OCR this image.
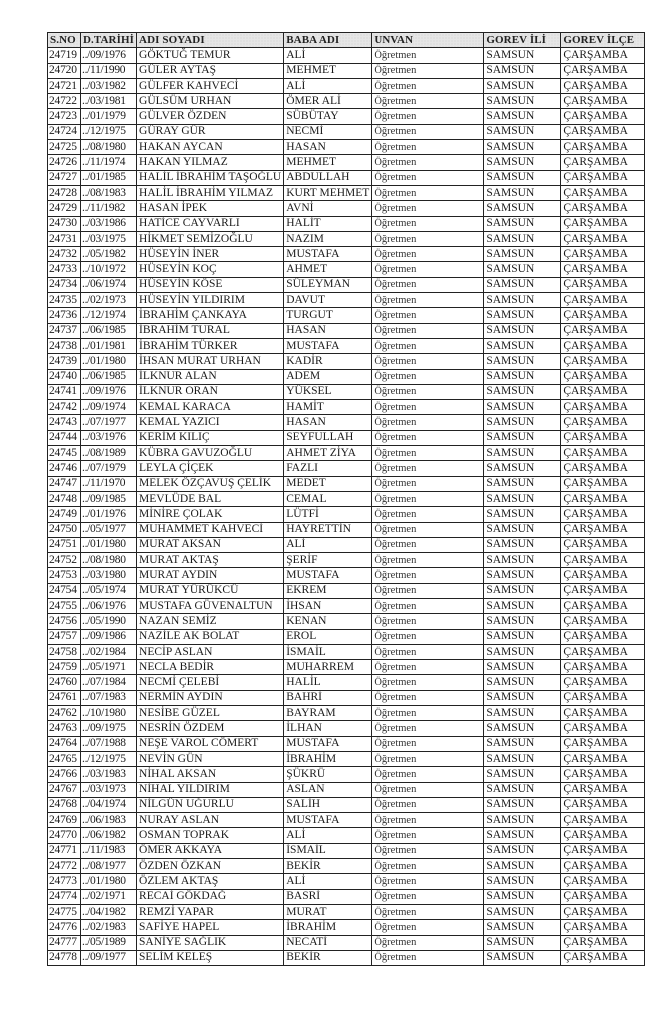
S.NO	D.TARİHİ	ADI SOYADI	BABA ADI	UNVAN	GOREV İLİ	GOREV İLÇE
24719	../09/1976	GÖKTUĞ TEMUR	ALİ	Öğretmen	SAMSUN	ÇARŞAMBA
24720	../11/1990	GÜLER AYTAŞ	MEHMET	Öğretmen	SAMSUN	ÇARŞAMBA
24721	../03/1982	GÜLFER KAHVECİ	ALİ	Öğretmen	SAMSUN	ÇARŞAMBA
24722	../03/1981	GÜLSÜM URHAN	ÖMER ALİ	Öğretmen	SAMSUN	ÇARŞAMBA
24723	../01/1979	GÜLVER ÖZDEN	SÜBÜTAY	Öğretmen	SAMSUN	ÇARŞAMBA
24724	../12/1975	GÜRAY GÜR	NECMİ	Öğretmen	SAMSUN	ÇARŞAMBA
24725	../08/1980	HAKAN AYCAN	HASAN	Öğretmen	SAMSUN	ÇARŞAMBA
24726	../11/1974	HAKAN YILMAZ	MEHMET	Öğretmen	SAMSUN	ÇARŞAMBA
24727	../01/1985	HALİL İBRAHİM TAŞOĞLU	ABDULLAH	Öğretmen	SAMSUN	ÇARŞAMBA
24728	../08/1983	HALİL İBRAHİM YILMAZ	KURT MEHMET	Öğretmen	SAMSUN	ÇARŞAMBA
24729	../11/1982	HASAN İPEK	AVNİ	Öğretmen	SAMSUN	ÇARŞAMBA
24730	../03/1986	HATİCE CAYVARLI	HALİT	Öğretmen	SAMSUN	ÇARŞAMBA
24731	../03/1975	HİKMET SEMİZOĞLU	NAZIM	Öğretmen	SAMSUN	ÇARŞAMBA
24732	../05/1982	HÜSEYİN İNER	MUSTAFA	Öğretmen	SAMSUN	ÇARŞAMBA
24733	../10/1972	HÜSEYİN KOÇ	AHMET	Öğretmen	SAMSUN	ÇARŞAMBA
24734	../06/1974	HÜSEYİN KÖSE	SÜLEYMAN	Öğretmen	SAMSUN	ÇARŞAMBA
24735	../02/1973	HÜSEYİN YILDIRIM	DAVUT	Öğretmen	SAMSUN	ÇARŞAMBA
24736	../12/1974	İBRAHİM ÇANKAYA	TURGUT	Öğretmen	SAMSUN	ÇARŞAMBA
24737	../06/1985	İBRAHİM TURAL	HASAN	Öğretmen	SAMSUN	ÇARŞAMBA
24738	../01/1981	İBRAHİM TÜRKER	MUSTAFA	Öğretmen	SAMSUN	ÇARŞAMBA
24739	../01/1980	İHSAN MURAT URHAN	KADİR	Öğretmen	SAMSUN	ÇARŞAMBA
24740	../06/1985	İLKNUR ALAN	ADEM	Öğretmen	SAMSUN	ÇARŞAMBA
24741	../09/1976	İLKNUR ORAN	YÜKSEL	Öğretmen	SAMSUN	ÇARŞAMBA
24742	../09/1974	KEMAL KARACA	HAMİT	Öğretmen	SAMSUN	ÇARŞAMBA
24743	../07/1977	KEMAL YAZICI	HASAN	Öğretmen	SAMSUN	ÇARŞAMBA
24744	../03/1976	KERİM KILIÇ	SEYFULLAH	Öğretmen	SAMSUN	ÇARŞAMBA
24745	../08/1989	KÜBRA GAVUZOĞLU	AHMET ZİYA	Öğretmen	SAMSUN	ÇARŞAMBA
24746	../07/1979	LEYLA ÇİÇEK	FAZLI	Öğretmen	SAMSUN	ÇARŞAMBA
24747	../11/1970	MELEK ÖZÇAVUŞ ÇELİK	MEDET	Öğretmen	SAMSUN	ÇARŞAMBA
24748	../09/1985	MEVLÜDE BAL	CEMAL	Öğretmen	SAMSUN	ÇARŞAMBA
24749	../01/1976	MİNİRE ÇOLAK	LÜTFİ	Öğretmen	SAMSUN	ÇARŞAMBA
24750	../05/1977	MUHAMMET KAHVECİ	HAYRETTİN	Öğretmen	SAMSUN	ÇARŞAMBA
24751	../01/1980	MURAT AKSAN	ALİ	Öğretmen	SAMSUN	ÇARŞAMBA
24752	../08/1980	MURAT AKTAŞ	ŞERİF	Öğretmen	SAMSUN	ÇARŞAMBA
24753	../03/1980	MURAT AYDIN	MUSTAFA	Öğretmen	SAMSUN	ÇARŞAMBA
24754	../05/1974	MURAT YÜRÜKCÜ	EKREM	Öğretmen	SAMSUN	ÇARŞAMBA
24755	../06/1976	MUSTAFA GÜVENALTUN	İHSAN	Öğretmen	SAMSUN	ÇARŞAMBA
24756	../05/1990	NAZAN SEMİZ	KENAN	Öğretmen	SAMSUN	ÇARŞAMBA
24757	../09/1986	NAZİLE AK BOLAT	EROL	Öğretmen	SAMSUN	ÇARŞAMBA
24758	../02/1984	NECİP ASLAN	İSMAİL	Öğretmen	SAMSUN	ÇARŞAMBA
24759	../05/1971	NECLA BEDİR	MUHARREM	Öğretmen	SAMSUN	ÇARŞAMBA
24760	../07/1984	NECMİ ÇELEBİ	HALİL	Öğretmen	SAMSUN	ÇARŞAMBA
24761	../07/1983	NERMİN AYDIN	BAHRİ	Öğretmen	SAMSUN	ÇARŞAMBA
24762	../10/1980	NESİBE GÜZEL	BAYRAM	Öğretmen	SAMSUN	ÇARŞAMBA
24763	../09/1975	NESRİN ÖZDEM	İLHAN	Öğretmen	SAMSUN	ÇARŞAMBA
24764	../07/1988	NEŞE VAROL CÖMERT	MUSTAFA	Öğretmen	SAMSUN	ÇARŞAMBA
24765	../12/1975	NEVİN GÜN	İBRAHİM	Öğretmen	SAMSUN	ÇARŞAMBA
24766	../03/1983	NİHAL AKSAN	ŞÜKRÜ	Öğretmen	SAMSUN	ÇARŞAMBA
24767	../03/1973	NİHAL YILDIRIM	ASLAN	Öğretmen	SAMSUN	ÇARŞAMBA
24768	../04/1974	NİLGÜN UĞURLU	SALİH	Öğretmen	SAMSUN	ÇARŞAMBA
24769	../06/1983	NURAY ASLAN	MUSTAFA	Öğretmen	SAMSUN	ÇARŞAMBA
24770	../06/1982	OSMAN TOPRAK	ALİ	Öğretmen	SAMSUN	ÇARŞAMBA
24771	../11/1983	ÖMER AKKAYA	İSMAİL	Öğretmen	SAMSUN	ÇARŞAMBA
24772	../08/1977	ÖZDEN ÖZKAN	BEKİR	Öğretmen	SAMSUN	ÇARŞAMBA
24773	../01/1980	ÖZLEM AKTAŞ	ALİ	Öğretmen	SAMSUN	ÇARŞAMBA
24774	../02/1971	RECAİ GÖKDAĞ	BASRİ	Öğretmen	SAMSUN	ÇARŞAMBA
24775	../04/1982	REMZİ YAPAR	MURAT	Öğretmen	SAMSUN	ÇARŞAMBA
24776	../02/1983	SAFİYE HAPEL	İBRAHİM	Öğretmen	SAMSUN	ÇARŞAMBA
24777	../05/1989	SANİYE SAĞLIK	NECATİ	Öğretmen	SAMSUN	ÇARŞAMBA
24778	../09/1977	SELİM KELEŞ	BEKİR	Öğretmen	SAMSUN	ÇARŞAMBA
